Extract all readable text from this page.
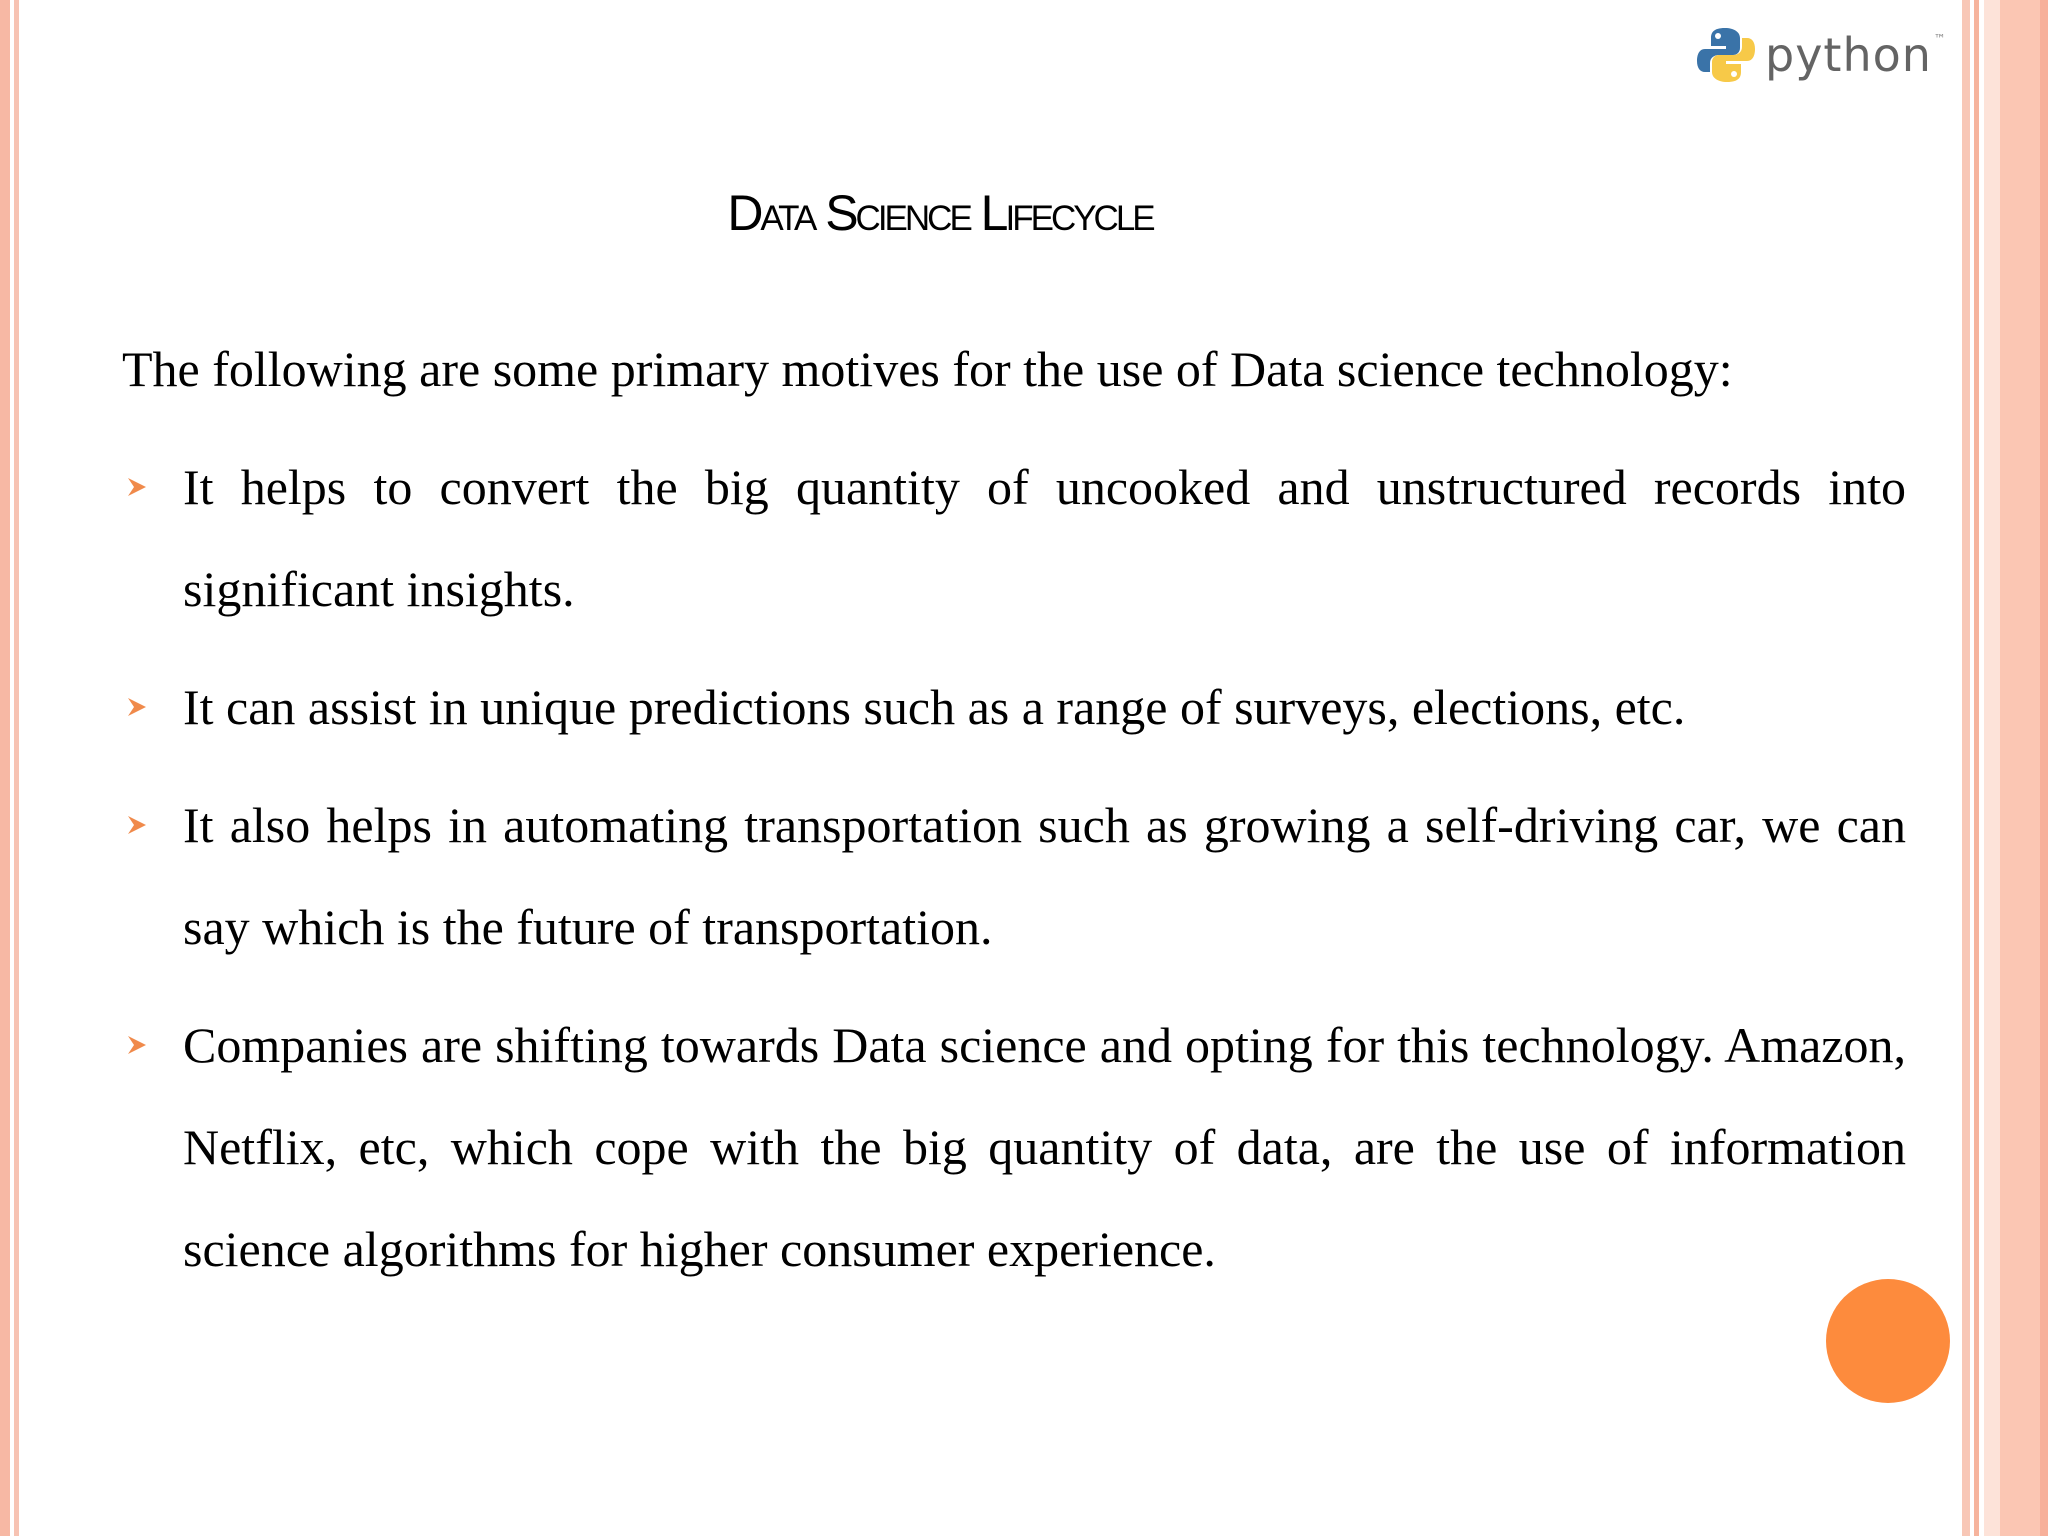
python ™
Data Science Lifecycle

The following are some primary motives for the use of Data science technology:

It helps to convert the big quantity of uncooked and unstructured records into significant insights.
It can assist in unique predictions such as a range of surveys, elections, etc.
It also helps in automating transportation such as growing a self-driving car, we can say which is the future of transportation.
Companies are shifting towards Data science and opting for this technology. Amazon, Netflix, etc, which cope with the big quantity of data, are the use of information science algorithms for higher consumer experience.
